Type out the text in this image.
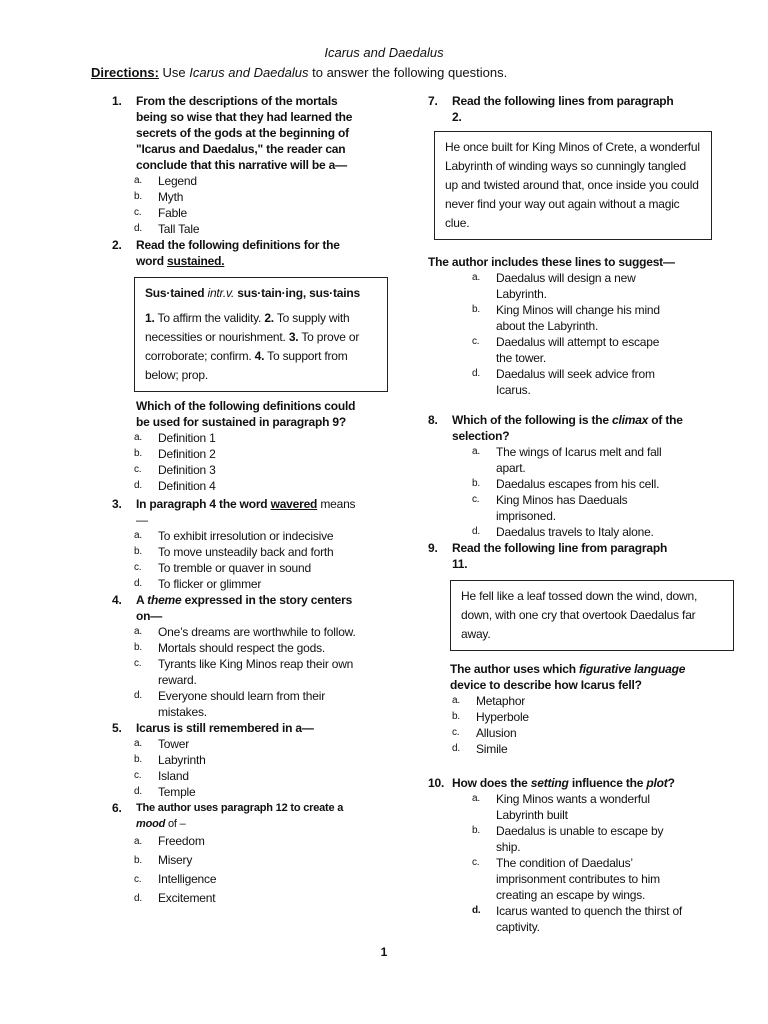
Icarus and Daedalus
Directions: Use Icarus and Daedalus to answer the following questions.
1. From the descriptions of the mortals being so wise that they had learned the secrets of the gods at the beginning of "Icarus and Daedalus," the reader can conclude that this narrative will be a—
a. Legend
b. Myth
c. Fable
d. Tall Tale
2. Read the following definitions for the word sustained.
Sus·tained intr.v. sus·tain·ing, sus·tains
1. To affirm the validity. 2. To supply with necessities or nourishment. 3. To prove or corroborate; confirm. 4. To support from below; prop.
Which of the following definitions could be used for sustained in paragraph 9?
a. Definition 1
b. Definition 2
c. Definition 3
d. Definition 4
3. In paragraph 4 the word wavered means —
a. To exhibit irresolution or indecisive
b. To move unsteadily back and forth
c. To tremble or quaver in sound
d. To flicker or glimmer
4. A theme expressed in the story centers on—
a. One’s dreams are worthwhile to follow.
b. Mortals should respect the gods.
c. Tyrants like King Minos reap their own reward.
d. Everyone should learn from their mistakes.
5. Icarus is still remembered in a—
a. Tower
b. Labyrinth
c. Island
d. Temple
6. The author uses paragraph 12 to create a mood of –
a. Freedom
b. Misery
c. Intelligence
d. Excitement
7. Read the following lines from paragraph 2.
He once built for King Minos of Crete, a wonderful Labyrinth of winding ways so cunningly tangled up and twisted around that, once inside you could never find your way out again without a magic clue.
The author includes these lines to suggest—
a. Daedalus will design a new Labyrinth.
b. King Minos will change his mind about the Labyrinth.
c. Daedalus will attempt to escape the tower.
d. Daedalus will seek advice from Icarus.
8. Which of the following is the climax of the selection?
a. The wings of Icarus melt and fall apart.
b. Daedalus escapes from his cell.
c. King Minos has Daeduals imprisoned.
d. Daedalus travels to Italy alone.
9. Read the following line from paragraph 11.
He fell like a leaf tossed down the wind, down, down, with one cry that overtook Daedalus far away.
The author uses which figurative language device to describe how Icarus fell?
a. Metaphor
b. Hyperbole
c. Allusion
d. Simile
10. How does the setting influence the plot?
a. King Minos wants a wonderful Labyrinth built
b. Daedalus is unable to escape by ship.
c. The condition of Daedalus’ imprisonment contributes to him creating an escape by wings.
d. Icarus wanted to quench the thirst of captivity.
1
